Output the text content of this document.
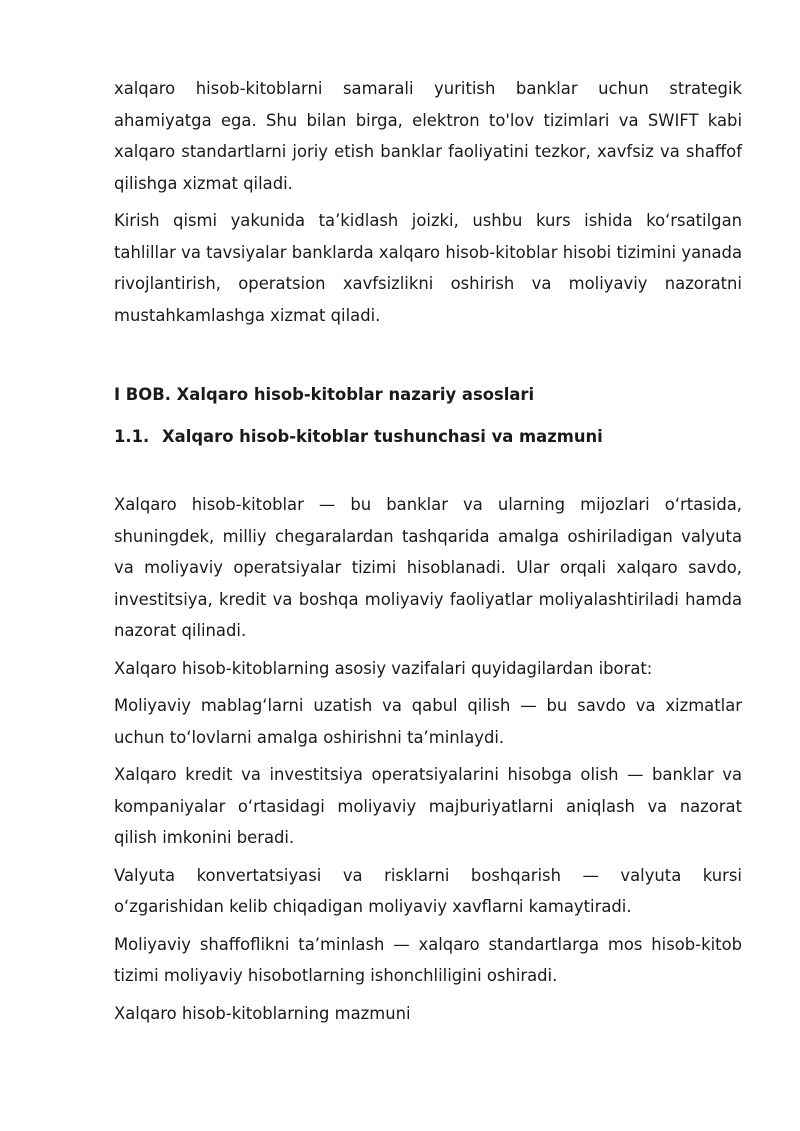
xalqaro hisob-kitoblarni samarali yuritish banklar uchun strategik ahamiyatga ega. Shu bilan birga, elektron to'lov tizimlari va SWIFT kabi xalqaro standartlarni joriy etish banklar faoliyatini tezkor, xavfsiz va shaffof qilishga xizmat qiladi.

Kirish qismi yakunida ta’kidlash joizki, ushbu kurs ishida ko‘rsatilgan tahlillar va tavsiyalar banklarda xalqaro hisob-kitoblar hisobi tizimini yanada rivojlantirish, operatsion xavfsizlikni oshirish va moliyaviy nazoratni mustahkamlashga xizmat qiladi.

I BOB. Xalqaro hisob-kitoblar nazariy asoslari

1.1. Xalqaro hisob-kitoblar tushunchasi va mazmuni

Xalqaro hisob-kitoblar — bu banklar va ularning mijozlari o‘rtasida, shuningdek, milliy chegaralardan tashqarida amalga oshiriladigan valyuta va moliyaviy operatsiyalar tizimi hisoblanadi. Ular orqali xalqaro savdo, investitsiya, kredit va boshqa moliyaviy faoliyatlar moliyalashtiriladi hamda nazorat qilinadi.

Xalqaro hisob-kitoblarning asosiy vazifalari quyidagilardan iborat:

Moliyaviy mablag‘larni uzatish va qabul qilish — bu savdo va xizmatlar uchun to‘lovlarni amalga oshirishni ta’minlaydi.

Xalqaro kredit va investitsiya operatsiyalarini hisobga olish — banklar va kompaniyalar o‘rtasidagi moliyaviy majburiyatlarni aniqlash va nazorat qilish imkonini beradi.

Valyuta konvertatsiyasi va risklarni boshqarish — valyuta kursi o‘zgarishidan kelib chiqadigan moliyaviy xavflarni kamaytiradi.

Moliyaviy shaffoflikni ta’minlash — xalqaro standartlarga mos hisob-kitob tizimi moliyaviy hisobotlarning ishonchliligini oshiradi.

Xalqaro hisob-kitoblarning mazmuni
